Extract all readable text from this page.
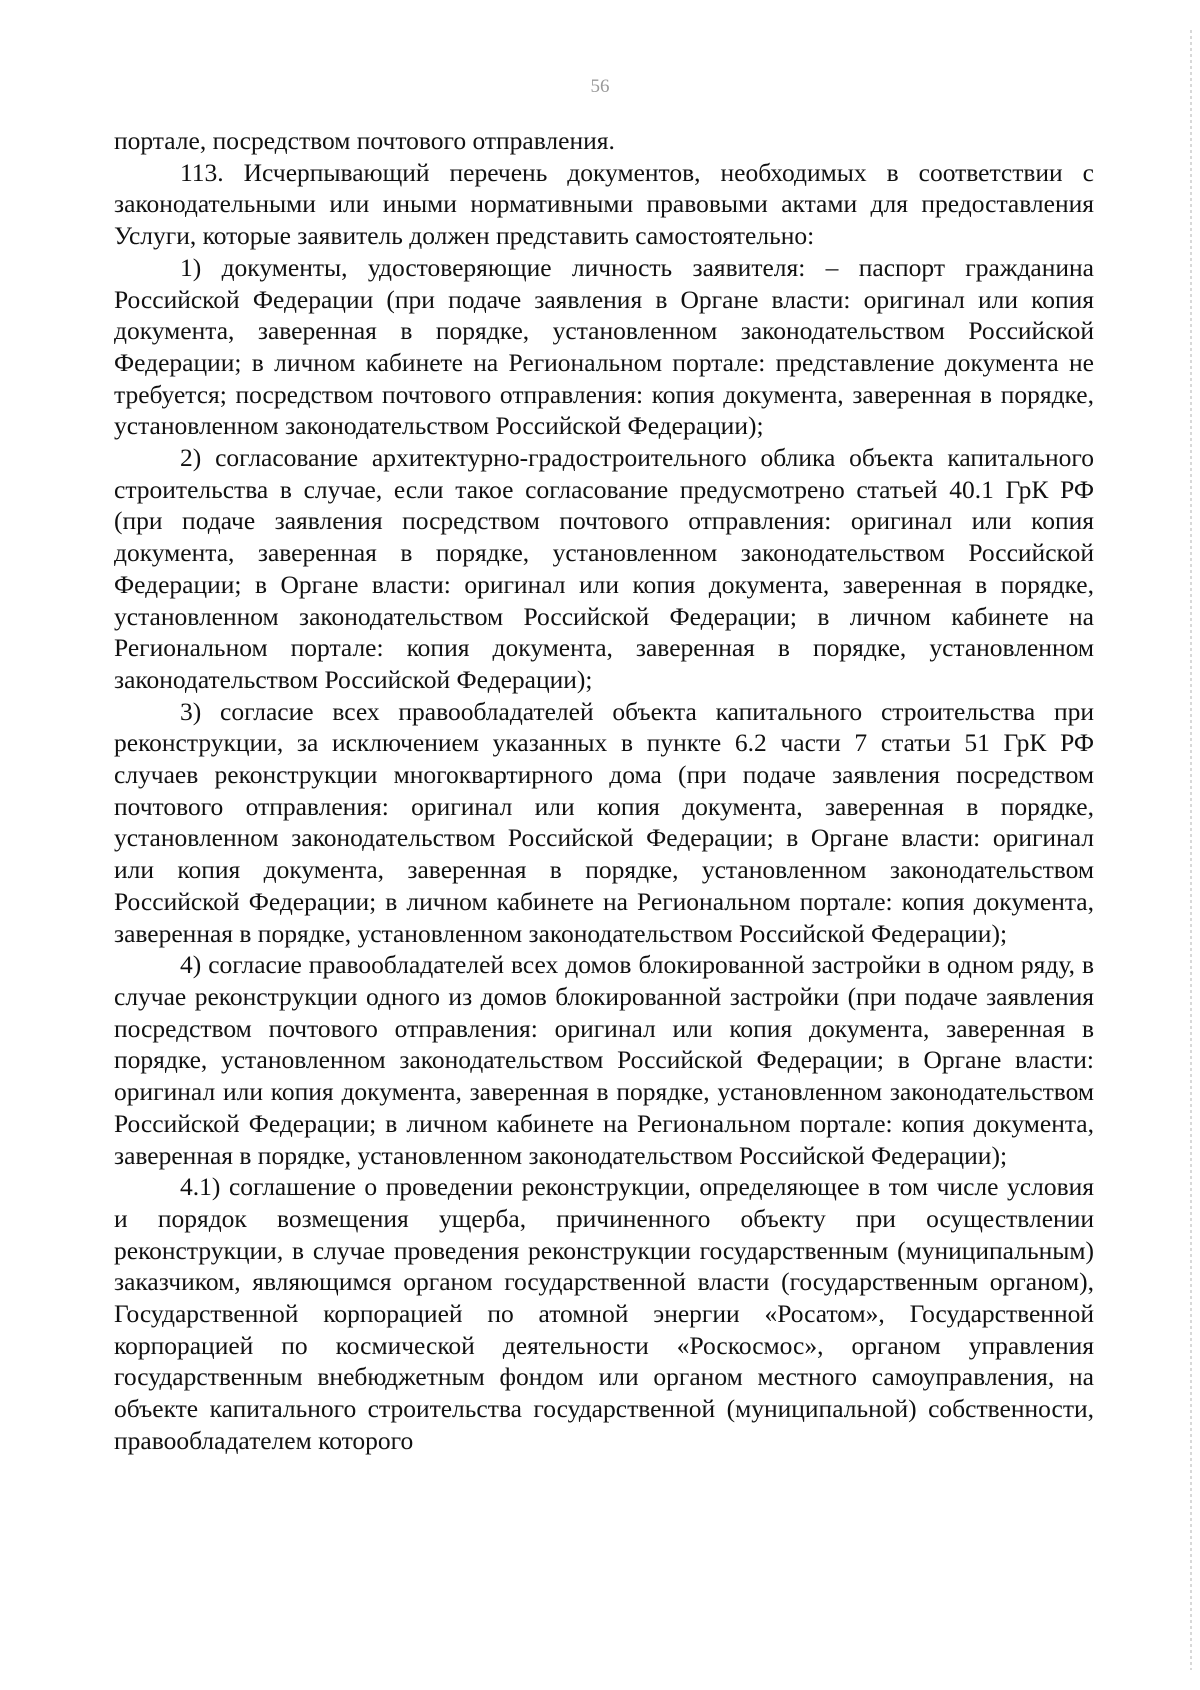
56

портале, посредством почтового отправления.

113. Исчерпывающий перечень документов, необходимых в соответствии с законодательными или иными нормативными правовыми актами для предоставления Услуги, которые заявитель должен представить самостоятельно:

1) документы, удостоверяющие личность заявителя: – паспорт гражданина Российской Федерации (при подаче заявления в Органе власти: оригинал или копия документа, заверенная в порядке, установленном законодательством Российской Федерации; в личном кабинете на Региональном портале: представление документа не требуется; посредством почтового отправления: копия документа, заверенная в порядке, установленном законодательством Российской Федерации);

2) согласование архитектурно-градостроительного облика объекта капитального строительства в случае, если такое согласование предусмотрено статьей 40.1 ГрК РФ (при подаче заявления посредством почтового отправления: оригинал или копия документа, заверенная в порядке, установленном законодательством Российской Федерации; в Органе власти: оригинал или копия документа, заверенная в порядке, установленном законодательством Российской Федерации; в личном кабинете на Региональном портале: копия документа, заверенная в порядке, установленном законодательством Российской Федерации);

3) согласие всех правообладателей объекта капитального строительства при реконструкции, за исключением указанных в пункте 6.2 части 7 статьи 51 ГрК РФ случаев реконструкции многоквартирного дома (при подаче заявления посредством почтового отправления: оригинал или копия документа, заверенная в порядке, установленном законодательством Российской Федерации; в Органе власти: оригинал или копия документа, заверенная в порядке, установленном законодательством Российской Федерации; в личном кабинете на Региональном портале: копия документа, заверенная в порядке, установленном законодательством Российской Федерации);

4) согласие правообладателей всех домов блокированной застройки в одном ряду, в случае реконструкции одного из домов блокированной застройки (при подаче заявления посредством почтового отправления: оригинал или копия документа, заверенная в порядке, установленном законодательством Российской Федерации; в Органе власти: оригинал или копия документа, заверенная в порядке, установленном законодательством Российской Федерации; в личном кабинете на Региональном портале: копия документа, заверенная в порядке, установленном законодательством Российской Федерации);

4.1) соглашение о проведении реконструкции, определяющее в том числе условия и порядок возмещения ущерба, причиненного объекту при осуществлении реконструкции, в случае проведения реконструкции государственным (муниципальным) заказчиком, являющимся органом государственной власти (государственным органом), Государственной корпорацией по атомной энергии «Росатом», Государственной корпорацией по космической деятельности «Роскосмос», органом управления государственным внебюджетным фондом или органом местного самоуправления, на объекте капитального строительства государственной (муниципальной) собственности, правообладателем которого
